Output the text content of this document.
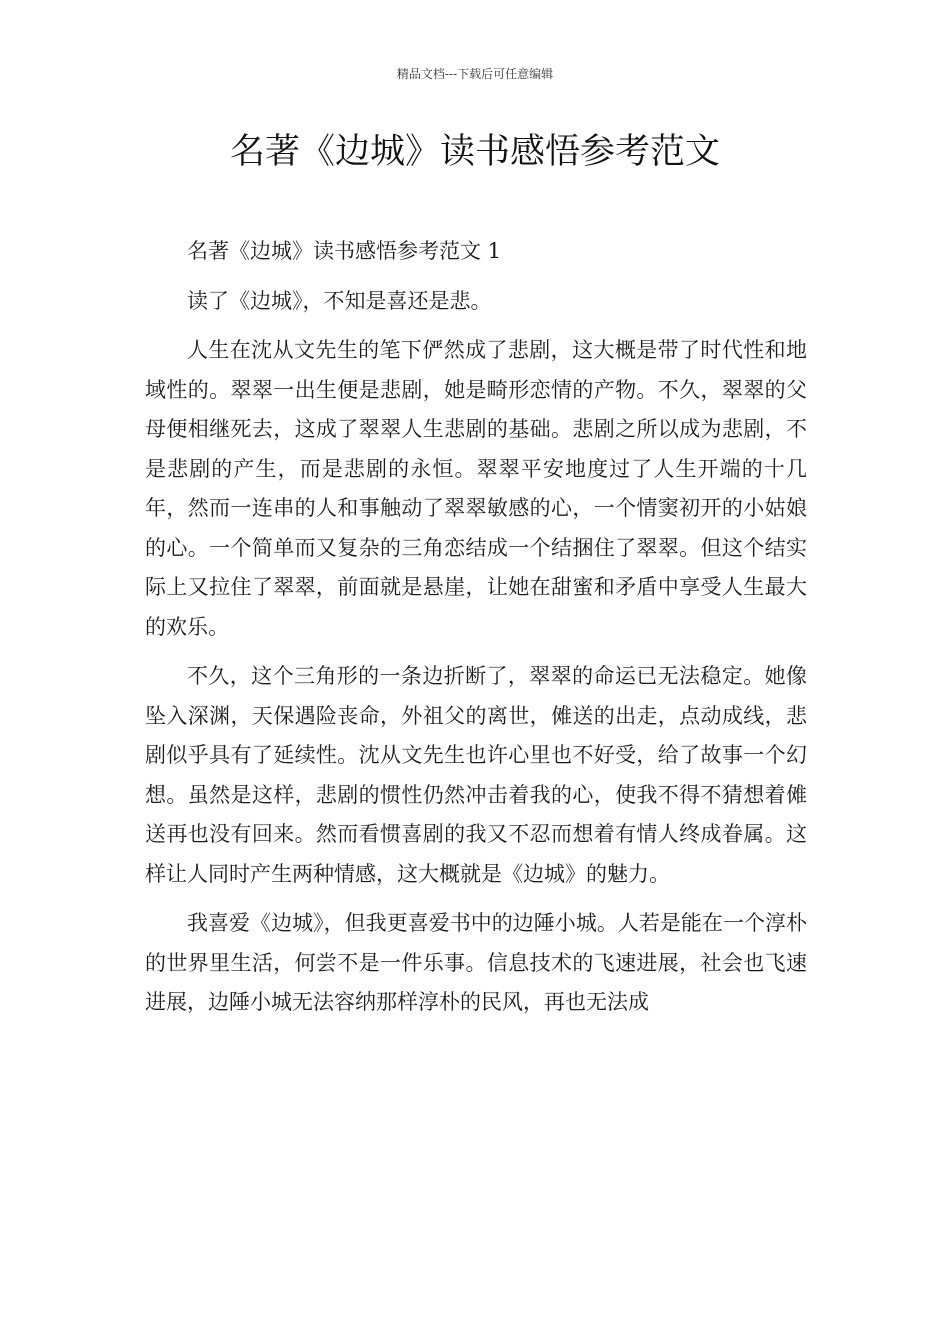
精品文档---下载后可任意编辑
名著《边城》读书感悟参考范文

名著《边城》读书感悟参考范文 1

读了《边城》，不知是喜还是悲。

人生在沈从文先生的笔下俨然成了悲剧，这大概是带了时代性和地域性的。翠翠一出生便是悲剧，她是畸形恋情的产物。不久，翠翠的父母便相继死去，这成了翠翠人生悲剧的基础。悲剧之所以成为悲剧，不是悲剧的产生，而是悲剧的永恒。翠翠平安地度过了人生开端的十几年，然而一连串的人和事触动了翠翠敏感的心，一个情窦初开的小姑娘的心。一个简单而又复杂的三角恋结成一个结捆住了翠翠。但这个结实际上又拉住了翠翠，前面就是悬崖，让她在甜蜜和矛盾中享受人生最大的欢乐。

不久，这个三角形的一条边折断了，翠翠的命运已无法稳定。她像坠入深渊，天保遇险丧命，外祖父的离世，傩送的出走，点动成线，悲剧似乎具有了延续性。沈从文先生也许心里也不好受，给了故事一个幻想。虽然是这样，悲剧的惯性仍然冲击着我的心，使我不得不猜想着傩送再也没有回来。然而看惯喜剧的我又不忍而想着有情人终成眷属。这样让人同时产生两种情感，这大概就是《边城》的魅力。

我喜爱《边城》，但我更喜爱书中的边陲小城。人若是能在一个淳朴的世界里生活，何尝不是一件乐事。信息技术的飞速进展，社会也飞速进展，边陲小城无法容纳那样淳朴的民风，再也无法成
